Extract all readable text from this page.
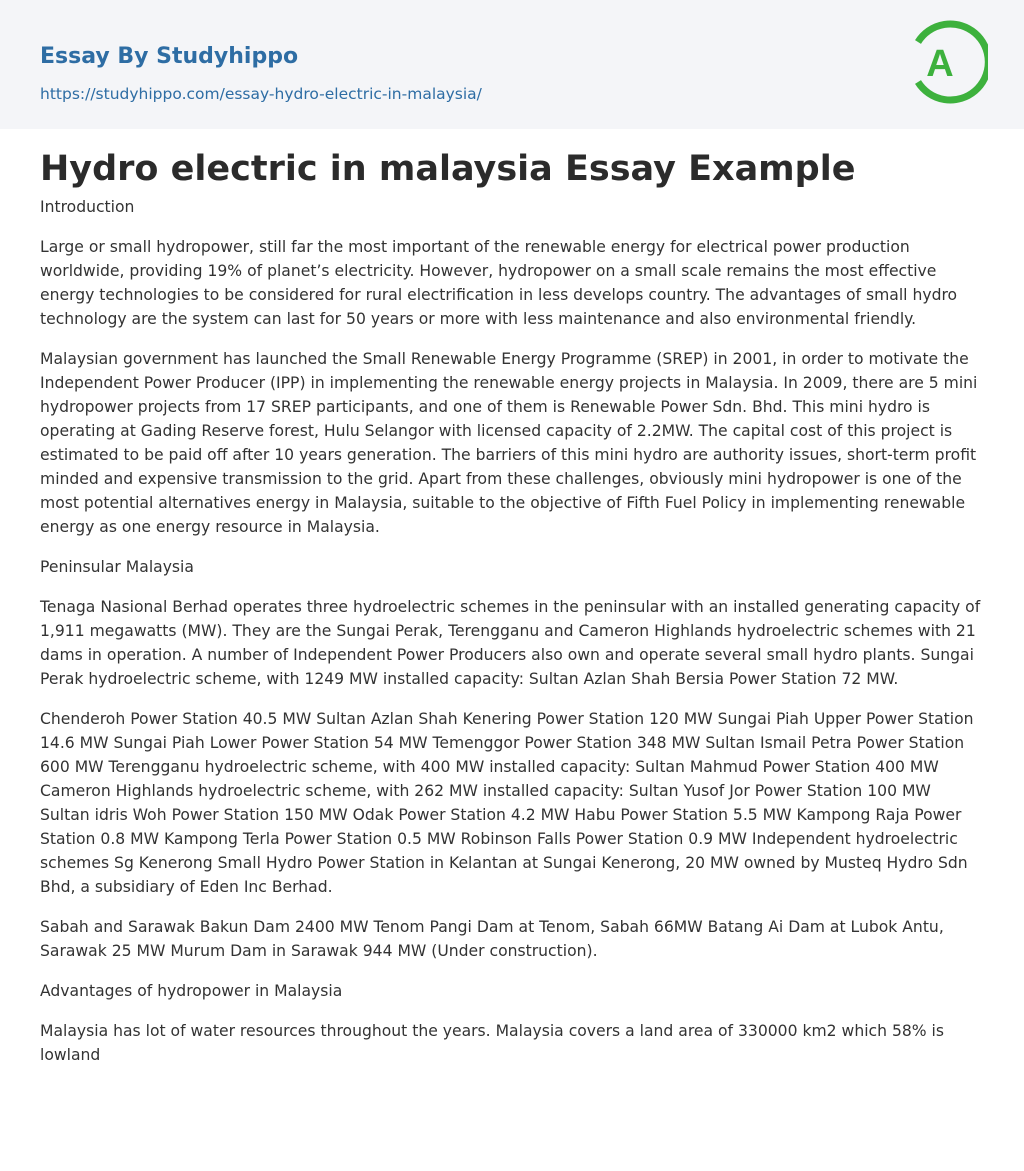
Essay By Studyhippo
https://studyhippo.com/essay-hydro-electric-in-malaysia/
A
Hydro electric in malaysia Essay Example

Introduction

Large or small hydropower, still far the most important of the renewable energy for electrical power production worldwide, providing 19% of planet’s electricity. However, hydropower on a small scale remains the most effective energy technologies to be considered for rural electrification in less develops country. The advantages of small hydro technology are the system can last for 50 years or more with less maintenance and also environmental friendly.

Malaysian government has launched the Small Renewable Energy Programme (SREP) in 2001, in order to motivate the Independent Power Producer (IPP) in implementing the renewable energy projects in Malaysia. In 2009, there are 5 mini hydropower projects from 17 SREP participants, and one of them is Renewable Power Sdn. Bhd. This mini hydro is operating at Gading Reserve forest, Hulu Selangor with licensed capacity of 2.2MW. The capital cost of this project is estimated to be paid off after 10 years generation. The barriers of this mini hydro are authority issues, short-term profit minded and expensive transmission to the grid. Apart from these challenges, obviously mini hydropower is one of the most potential alternatives energy in Malaysia, suitable to the objective of Fifth Fuel Policy in implementing renewable energy as one energy resource in Malaysia.

Peninsular Malaysia

Tenaga Nasional Berhad operates three hydroelectric schemes in the peninsular with an installed generating capacity of 1,911 megawatts (MW). They are the Sungai Perak, Terengganu and Cameron Highlands hydroelectric schemes with 21 dams in operation. A number of Independent Power Producers also own and operate several small hydro plants. Sungai Perak hydroelectric scheme, with 1249 MW installed capacity: Sultan Azlan Shah Bersia Power Station 72 MW.

Chenderoh Power Station 40.5 MW Sultan Azlan Shah Kenering Power Station 120 MW Sungai Piah Upper Power Station 14.6 MW Sungai Piah Lower Power Station 54 MW Temenggor Power Station 348 MW Sultan Ismail Petra Power Station 600 MW Terengganu hydroelectric scheme, with 400 MW installed capacity: Sultan Mahmud Power Station 400 MW Cameron Highlands hydroelectric scheme, with 262 MW installed capacity: Sultan Yusof Jor Power Station 100 MW Sultan idris Woh Power Station 150 MW Odak Power Station 4.2 MW Habu Power Station 5.5 MW Kampong Raja Power Station 0.8 MW Kampong Terla Power Station 0.5 MW Robinson Falls Power Station 0.9 MW Independent hydroelectric schemes Sg Kenerong Small Hydro Power Station in Kelantan at Sungai Kenerong, 20 MW owned by Musteq Hydro Sdn Bhd, a subsidiary of Eden Inc Berhad.

Sabah and Sarawak Bakun Dam 2400 MW Tenom Pangi Dam at Tenom, Sabah 66MW Batang Ai Dam at Lubok Antu, Sarawak 25 MW Murum Dam in Sarawak 944 MW (Under construction).

Advantages of hydropower in Malaysia

Malaysia has lot of water resources throughout the years. Malaysia covers a land area of 330000 km2 which 58% is lowland
